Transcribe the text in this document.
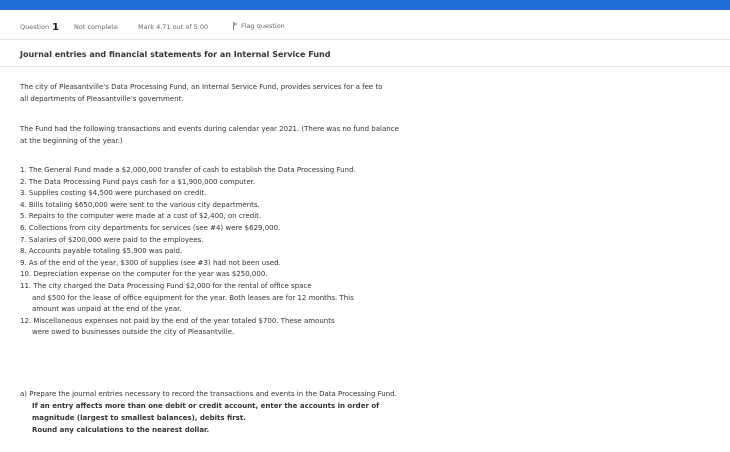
Question 1 Not complete	Mark 4.71 out of 5.00	Flag question
Journal entries and financial statements for an Internal Service Fund
The city of Pleasantville's Data Processing Fund, an Internal Service Fund, provides services for a fee to
all departments of Pleasantville's government.
The Fund had the following transactions and events during calendar year 2021. (There was no fund balance
at the beginning of the year.)
1. The General Fund made a $2,000,000 transfer of cash to establish the Data Processing Fund.
2. The Data Processing Fund pays cash for a $1,900,000 computer.
3. Supplies costing $4,500 were purchased on credit.
4. Bills totaling $650,000 were sent to the various city departments.
5. Repairs to the computer were made at a cost of $2,400, on credit.
6. Collections from city departments for services (see #4) were $629,000.
7. Salaries of $200,000 were paid to the employees.
8. Accounts payable totaling $5,900 was paid.
9. As of the end of the year, $300 of supplies (see #3) had not been used.
10. Depreciation expense on the computer for the year was $250,000.
11. The city charged the Data Processing Fund $2,000 for the rental of office space
and $500 for the lease of office equipment for the year. Both leases are for 12 months. This
amount was unpaid at the end of the year.
12. Miscellaneous expenses not paid by the end of the year totaled $700. These amounts
were owed to businesses outside the city of Pleasantville.
a) Prepare the journal entries necessary to record the transactions and events in the Data Processing Fund.
If an entry affects more than one debit or credit account, enter the accounts in order of
magnitude (largest to smallest balances), debits first.
Round any calculations to the nearest dollar.
